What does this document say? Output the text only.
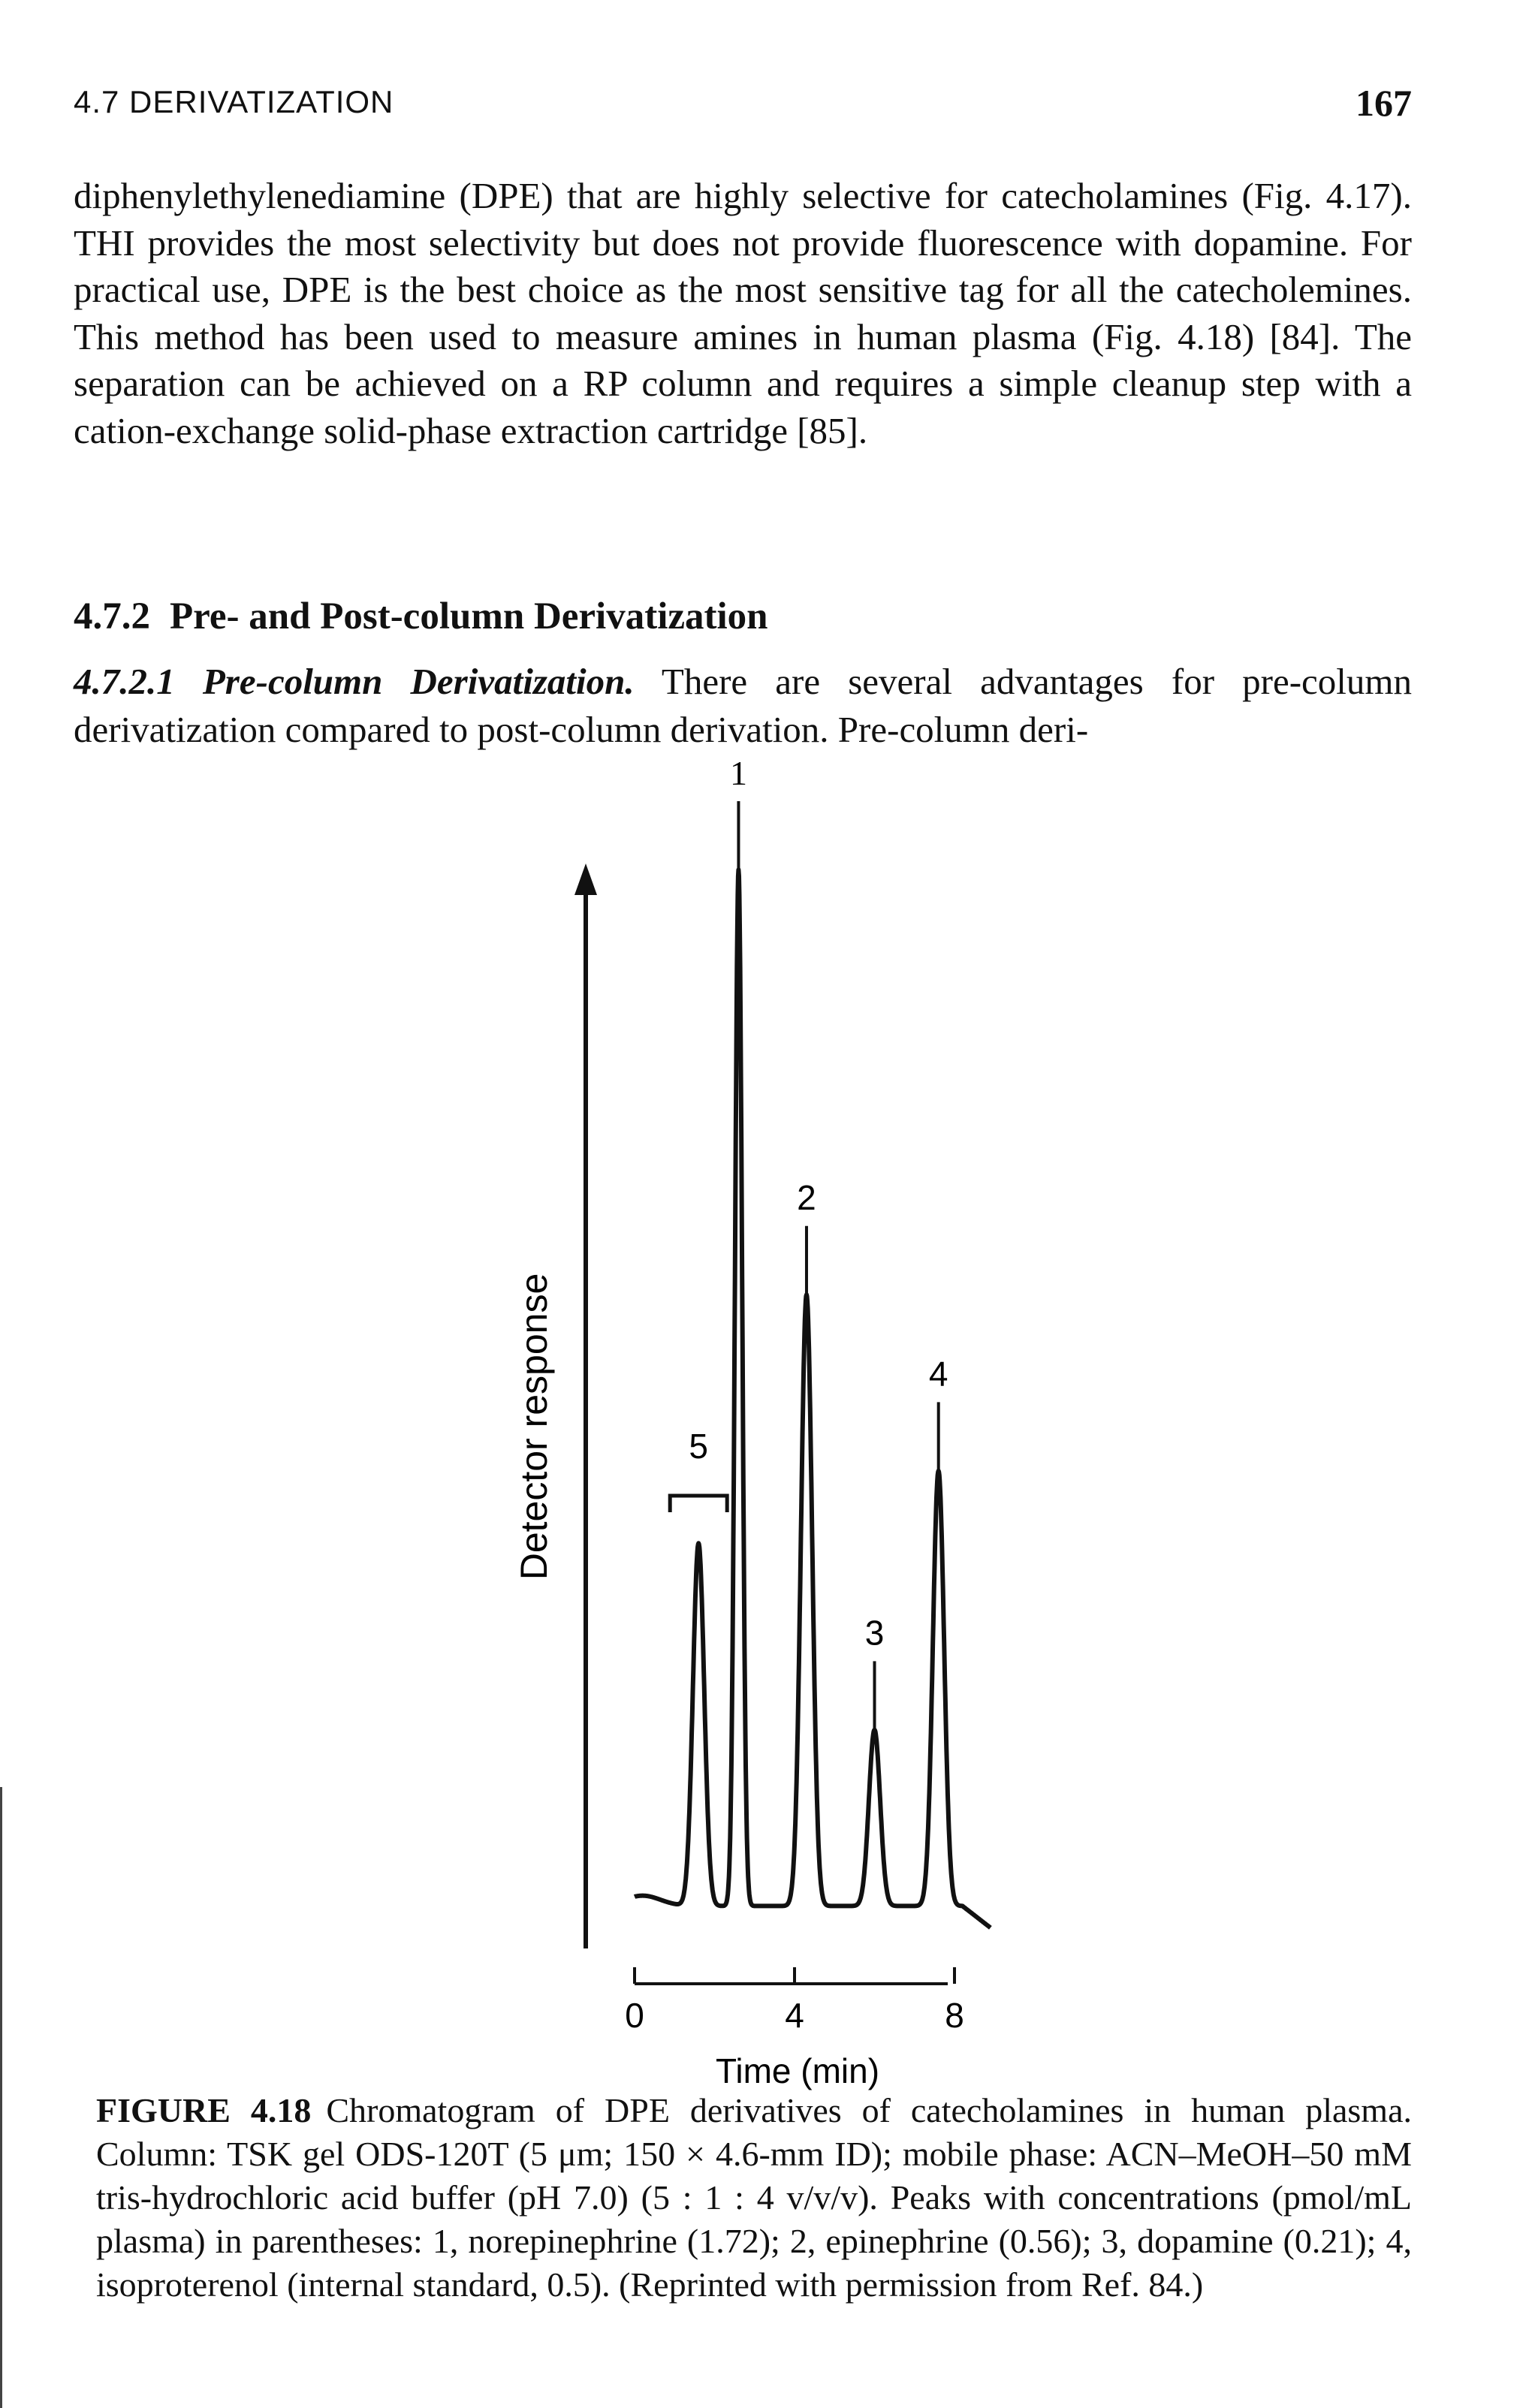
4.7 DERIVATIZATION	167

diphenylethylenediamine (DPE) that are highly selective for catecholamines (Fig. 4.17). THI provides the most selectivity but does not provide fluorescence with dopamine. For practical use, DPE is the best choice as the most sensitive tag for all the catecholemines. This method has been used to measure amines in human plasma (Fig. 4.18) [84]. The separation can be achieved on a RP column and requires a simple cleanup step with a cation-exchange solid-phase extraction cartridge [85].

4.7.2 Pre- and Post-column Derivatization

4.7.2.1 Pre-column Derivatization. There are several advantages for pre-column derivatization compared to post-column derivation. Pre-column deri-

Detector response
0	4	8
Time (min)
5
1
2
3
4

FIGURE 4.18 Chromatogram of DPE derivatives of catecholamines in human plasma. Column: TSK gel ODS-120T (5 μm; 150 × 4.6-mm ID); mobile phase: ACN–MeOH–50 mM tris-hydrochloric acid buffer (pH 7.0) (5 : 1 : 4 v/v/v). Peaks with concentrations (pmol/mL plasma) in parentheses: 1, norepinephrine (1.72); 2, epinephrine (0.56); 3, dopamine (0.21); 4, isoproterenol (internal standard, 0.5). (Reprinted with permission from Ref. 84.)
